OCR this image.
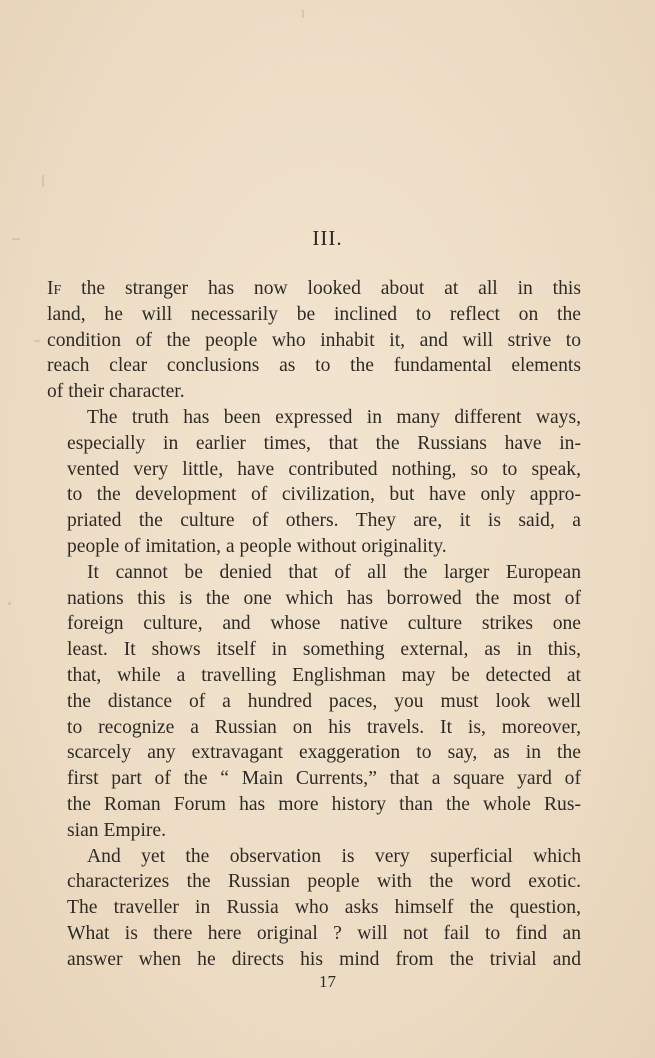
III.

If the stranger has now looked about at all in this
land, he will necessarily be inclined to reflect on the
condition of the people who inhabit it, and will strive to
reach clear conclusions as to the fundamental elements
of their character.

The truth has been expressed in many different ways,
especially in earlier times, that the Russians have in-
vented very little, have contributed nothing, so to speak,
to the development of civilization, but have only appro-
priated the culture of others. They are, it is said, a
people of imitation, a people without originality.

It cannot be denied that of all the larger European
nations this is the one which has borrowed the most of
foreign culture, and whose native culture strikes one
least. It shows itself in something external, as in this,
that, while a travelling Englishman may be detected at
the distance of a hundred paces, you must look well
to recognize a Russian on his travels. It is, moreover,
scarcely any extravagant exaggeration to say, as in the
first part of the “ Main Currents,” that a square yard of
the Roman Forum has more history than the whole Rus-
sian Empire.

And yet the observation is very superficial which
characterizes the Russian people with the word exotic.
The traveller in Russia who asks himself the question,
What is there here original ? will not fail to find an
answer when he directs his mind from the trivial and

17
